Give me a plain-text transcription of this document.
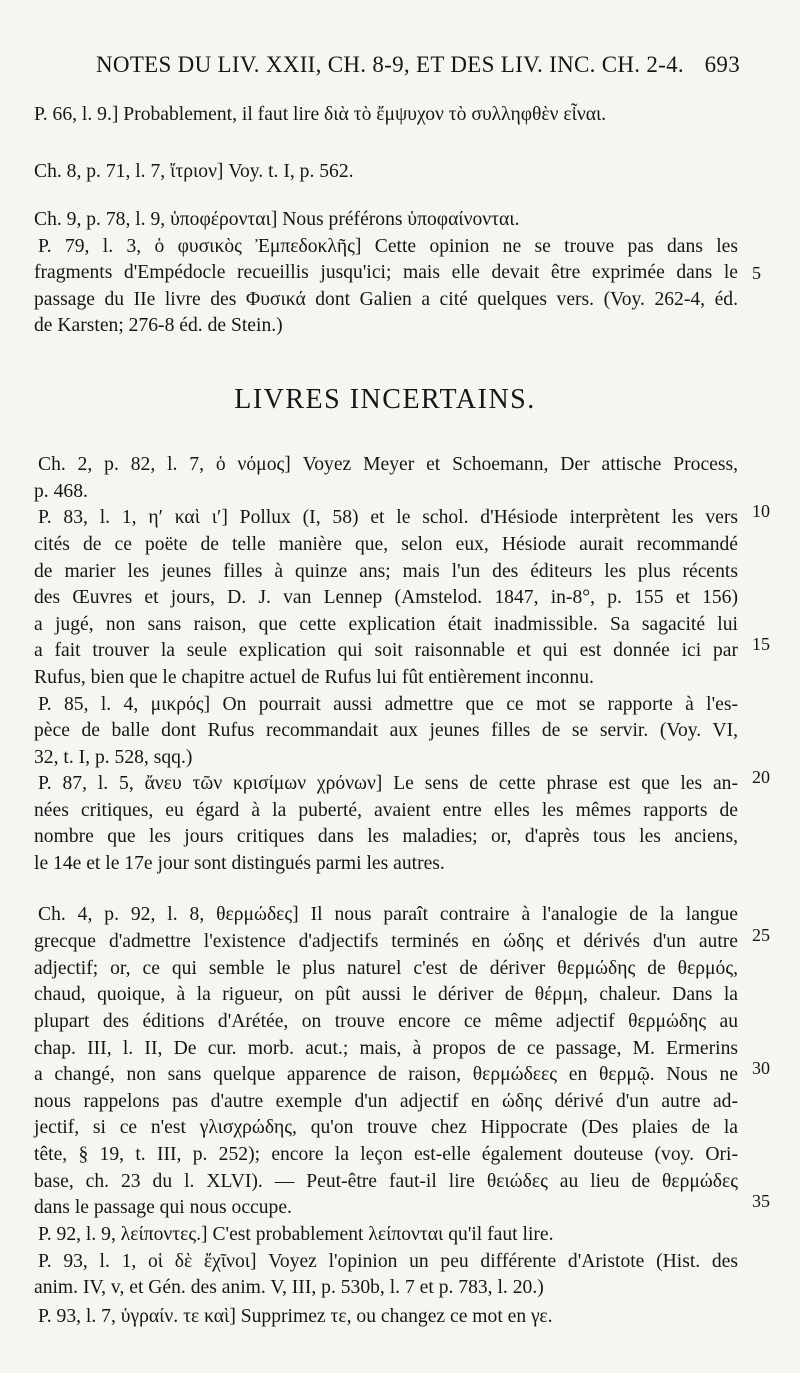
NOTES DU LIV. XXII, CH. 8-9, ET DES LIV. INC. CH. 2-4. 693
LIVRES INCERTAINS.
P. 66, l. 9.] Probablement, il faut lire διὰ τὸ ἔμψυχον τὸ συλληφθὲν εἶναι.
Ch. 8, p. 71, l. 7, ἴτριον] Voy. t. I, p. 562.
Ch. 9, p. 78, l. 9, ὑποφέρονται] Nous préférons ὑποφαίνονται.
P. 79, l. 3, ὁ φυσικὸς Ἐμπεδοκλῆς] Cette opinion ne se trouve pas dans les
fragments d'Empédocle recueillis jusqu'ici; mais elle devait être exprimée dans le
passage du IIe livre des Φυσικά dont Galien a cité quelques vers. (Voy. 262-4, éd.
de Karsten; 276-8 éd. de Stein.)
Ch. 2, p. 82, l. 7, ὁ νόμος] Voyez Meyer et Schoemann, Der attische Process,
p. 468.
P. 83, l. 1, η′ καὶ ι′] Pollux (I, 58) et le schol. d'Hésiode interprètent les vers
cités de ce poëte de telle manière que, selon eux, Hésiode aurait recommandé
de marier les jeunes filles à quinze ans; mais l'un des éditeurs les plus récents
des Œuvres et jours, D. J. van Lennep (Amstelod. 1847, in-8°, p. 155 et 156)
a jugé, non sans raison, que cette explication était inadmissible. Sa sagacité lui
a fait trouver la seule explication qui soit raisonnable et qui est donnée ici par
Rufus, bien que le chapitre actuel de Rufus lui fût entièrement inconnu.
P. 85, l. 4, μικρός] On pourrait aussi admettre que ce mot se rapporte à l'es-
pèce de balle dont Rufus recommandait aux jeunes filles de se servir. (Voy. VI,
32, t. I, p. 528, sqq.)
P. 87, l. 5, ἄνευ τῶν κρισίμων χρόνων] Le sens de cette phrase est que les an-
nées critiques, eu égard à la puberté, avaient entre elles les mêmes rapports de
nombre que les jours critiques dans les maladies; or, d'après tous les anciens,
le 14e et le 17e jour sont distingués parmi les autres.
Ch. 4, p. 92, l. 8, θερμώδες] Il nous paraît contraire à l'analogie de la langue
grecque d'admettre l'existence d'adjectifs terminés en ώδης et dérivés d'un autre
adjectif; or, ce qui semble le plus naturel c'est de dériver θερμώδης de θερμός,
chaud, quoique, à la rigueur, on pût aussi le dériver de θέρμη, chaleur. Dans la
plupart des éditions d'Arétée, on trouve encore ce même adjectif θερμώδης au
chap. III, l. II, De cur. morb. acut.; mais, à propos de ce passage, M. Ermerins
a changé, non sans quelque apparence de raison, θερμώδεες en θερμῷ. Nous ne
nous rappelons pas d'autre exemple d'un adjectif en ώδης dérivé d'un autre ad-
jectif, si ce n'est γλισχρώδης, qu'on trouve chez Hippocrate (Des plaies de la
tête, § 19, t. III, p. 252); encore la leçon est-elle également douteuse (voy. Ori-
base, ch. 23 du l. XLVI). — Peut-être faut-il lire θειώδες au lieu de θερμώδες
dans le passage qui nous occupe.
P. 92, l. 9, λείποντες.] C'est probablement λείπονται qu'il faut lire.
P. 93, l. 1, οἱ δὲ ἔχῖνοι] Voyez l'opinion un peu différente d'Aristote (Hist. des
anim. IV, v, et Gén. des anim. V, III, p. 530b, l. 7 et p. 783, l. 20.)
P. 93, l. 7, ὑγραίν. τε καὶ] Supprimez τε, ou changez ce mot en γε.
5
10
15
20
25
30
35
